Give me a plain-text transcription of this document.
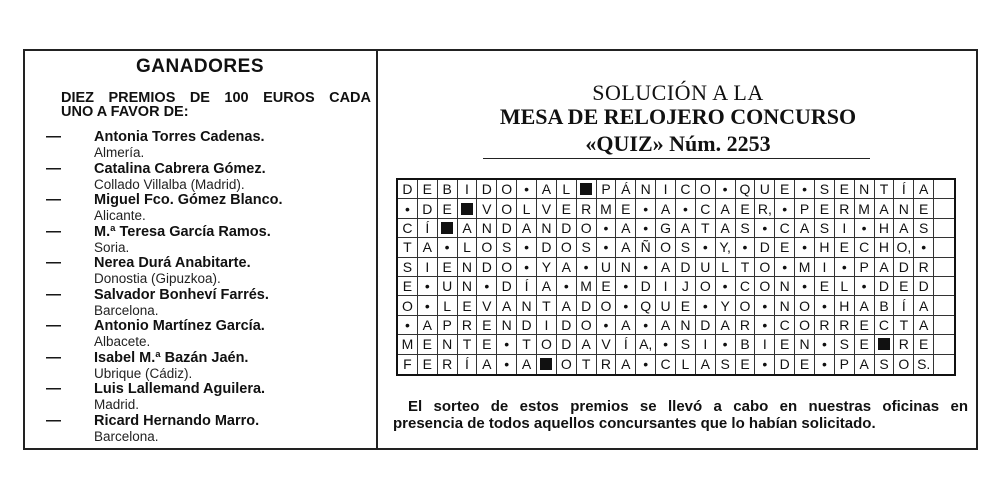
GANADORES
DIEZ PREMIOS DE 100 EUROS CADA
UNO A FAVOR DE:
— Antonia Torres Cadenas.
Almería.
— Catalina Cabrera Gómez.
Collado Villalba (Madrid).
— Miguel Fco. Gómez Blanco.
Alicante.
— M.ª Teresa García Ramos.
Soria.
— Nerea Durá Anabitarte.
Donostia (Gipuzkoa).
— Salvador Bonheví Farrés.
Barcelona.
— Antonio Martínez García.
Albacete.
— Isabel M.ª Bazán Jaén.
Ubrique (Cádiz).
— Luis Lallemand Aguilera.
Madrid.
— Ricard Hernando Marro.
Barcelona.
SOLUCIÓN A LA
MESA DE RELOJERO CONCURSO
«QUIZ» Núm. 2253
D E B I D O • A L	P Á N I C O • Q U E • S E N T Í A
• D E	V O L V E R M E • A • C A E R, • P E R M A N E
C Í	A N D A N D O • A • G A T A S • C A S I	• H A S
T A • L O S • D O S • A Ñ O S • Y, • D E • H E C H O, •
S I E N D O • Y A • U N • A D U L T O • M I	• P A D R
E • U N • D Í A • M E • D I	J O • C O N • E L • D E D
O • L E V A N T A D O • Q U E • Y O • N O • H A B Í A
• A P R E N D I D O • A • A N D A R • C O R R E C T A
M E N T E • T O D A V Í A, • S I	• B I E N • S E	R E
F E R Í A • A	O T R A • C L A S E • D E • P A S O S.
El sorteo de estos premios se llevó a cabo en nuestras oficinas en
presencia de todos aquellos concursantes que lo habían solicitado.
